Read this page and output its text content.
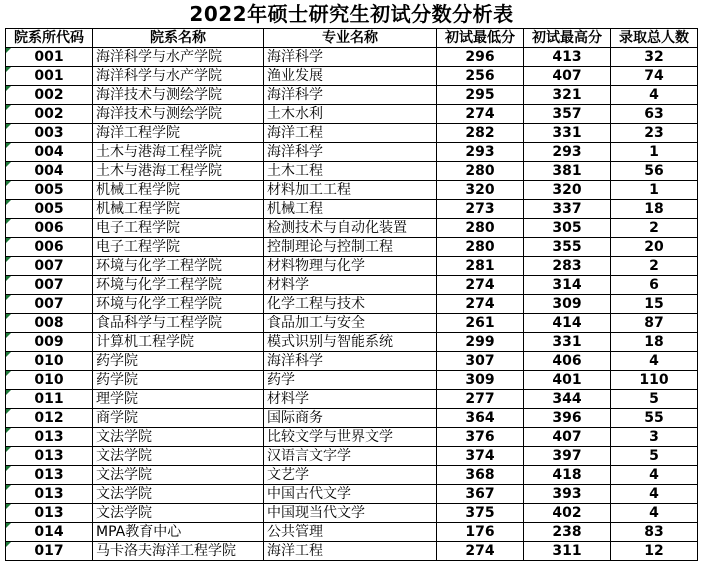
2022年硕士研究生初试分数分析表
院系所代码	院系名称	专业名称	初试最低分	初试最高分	录取总人数
001	海洋科学与水产学院	海洋科学	296	413	32
001	海洋科学与水产学院	渔业发展	256	407	74
002	海洋技术与测绘学院	海洋科学	295	321	4
002	海洋技术与测绘学院	土木水利	274	357	63
003	海洋工程学院	海洋工程	282	331	23
004	土木与港海工程学院	海洋科学	293	293	1
004	土木与港海工程学院	土木工程	280	381	56
005	机械工程学院	材料加工工程	320	320	1
005	机械工程学院	机械工程	273	337	18
006	电子工程学院	检测技术与自动化装置	280	305	2
006	电子工程学院	控制理论与控制工程	280	355	20
007	环境与化学工程学院	材料物理与化学	281	283	2
007	环境与化学工程学院	材料学	274	314	6
007	环境与化学工程学院	化学工程与技术	274	309	15
008	食品科学与工程学院	食品加工与安全	261	414	87
009	计算机工程学院	模式识别与智能系统	299	331	18
010	药学院	海洋科学	307	406	4
010	药学院	药学	309	401	110
011	理学院	材料学	277	344	5
012	商学院	国际商务	364	396	55
013	文法学院	比较文学与世界文学	376	407	3
013	文法学院	汉语言文字学	374	397	5
013	文法学院	文艺学	368	418	4
013	文法学院	中国古代文学	367	393	4
013	文法学院	中国现当代文学	375	402	4
014	MPA教育中心	公共管理	176	238	83
017	马卡洛夫海洋工程学院	海洋工程	274	311	12
